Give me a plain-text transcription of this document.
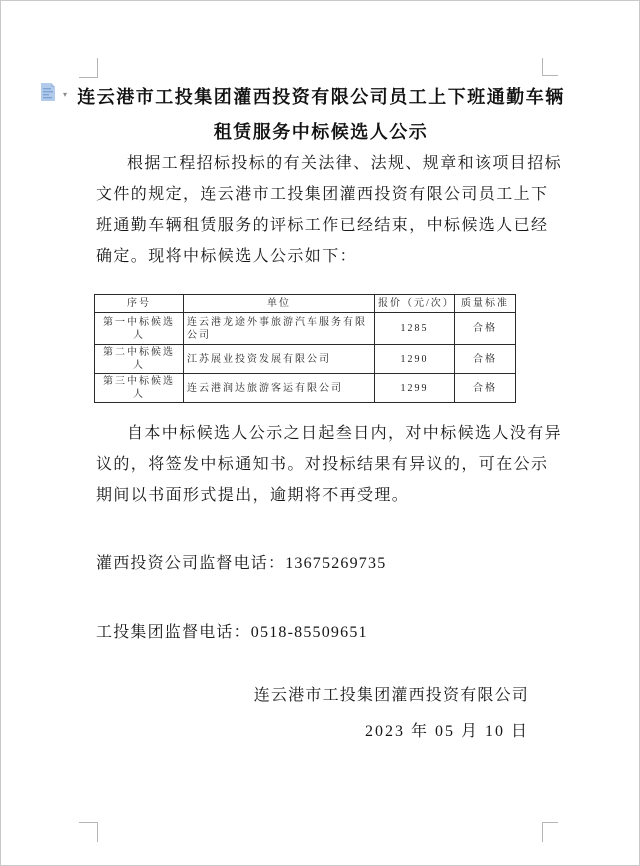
▾ 连云港市工投集团灌西投资有限公司员工上下班通勤车辆
租赁服务中标候选人公示
根据工程招标投标的有关法律、法规、规章和该项目招标
文件的规定，连云港市工投集团灌西投资有限公司员工上下
班通勤车辆租赁服务的评标工作已经结束，中标候选人已经
确定。现将中标候选人公示如下：
序号	单位	报价（元/次）	质量标准
第一中标候选人	连云港龙途外事旅游汽车服务有限公司	1285	合格
第二中标候选人	江苏展业投资发展有限公司	1290	合格
第三中标候选人	连云港润达旅游客运有限公司	1299	合格
自本中标候选人公示之日起叁日内，对中标候选人没有异
议的，将签发中标通知书。对投标结果有异议的，可在公示
期间以书面形式提出，逾期将不再受理。
灌西投资公司监督电话：13675269735
工投集团监督电话：0518-85509651
连云港市工投集团灌西投资有限公司
2023 年 05 月 10 日
